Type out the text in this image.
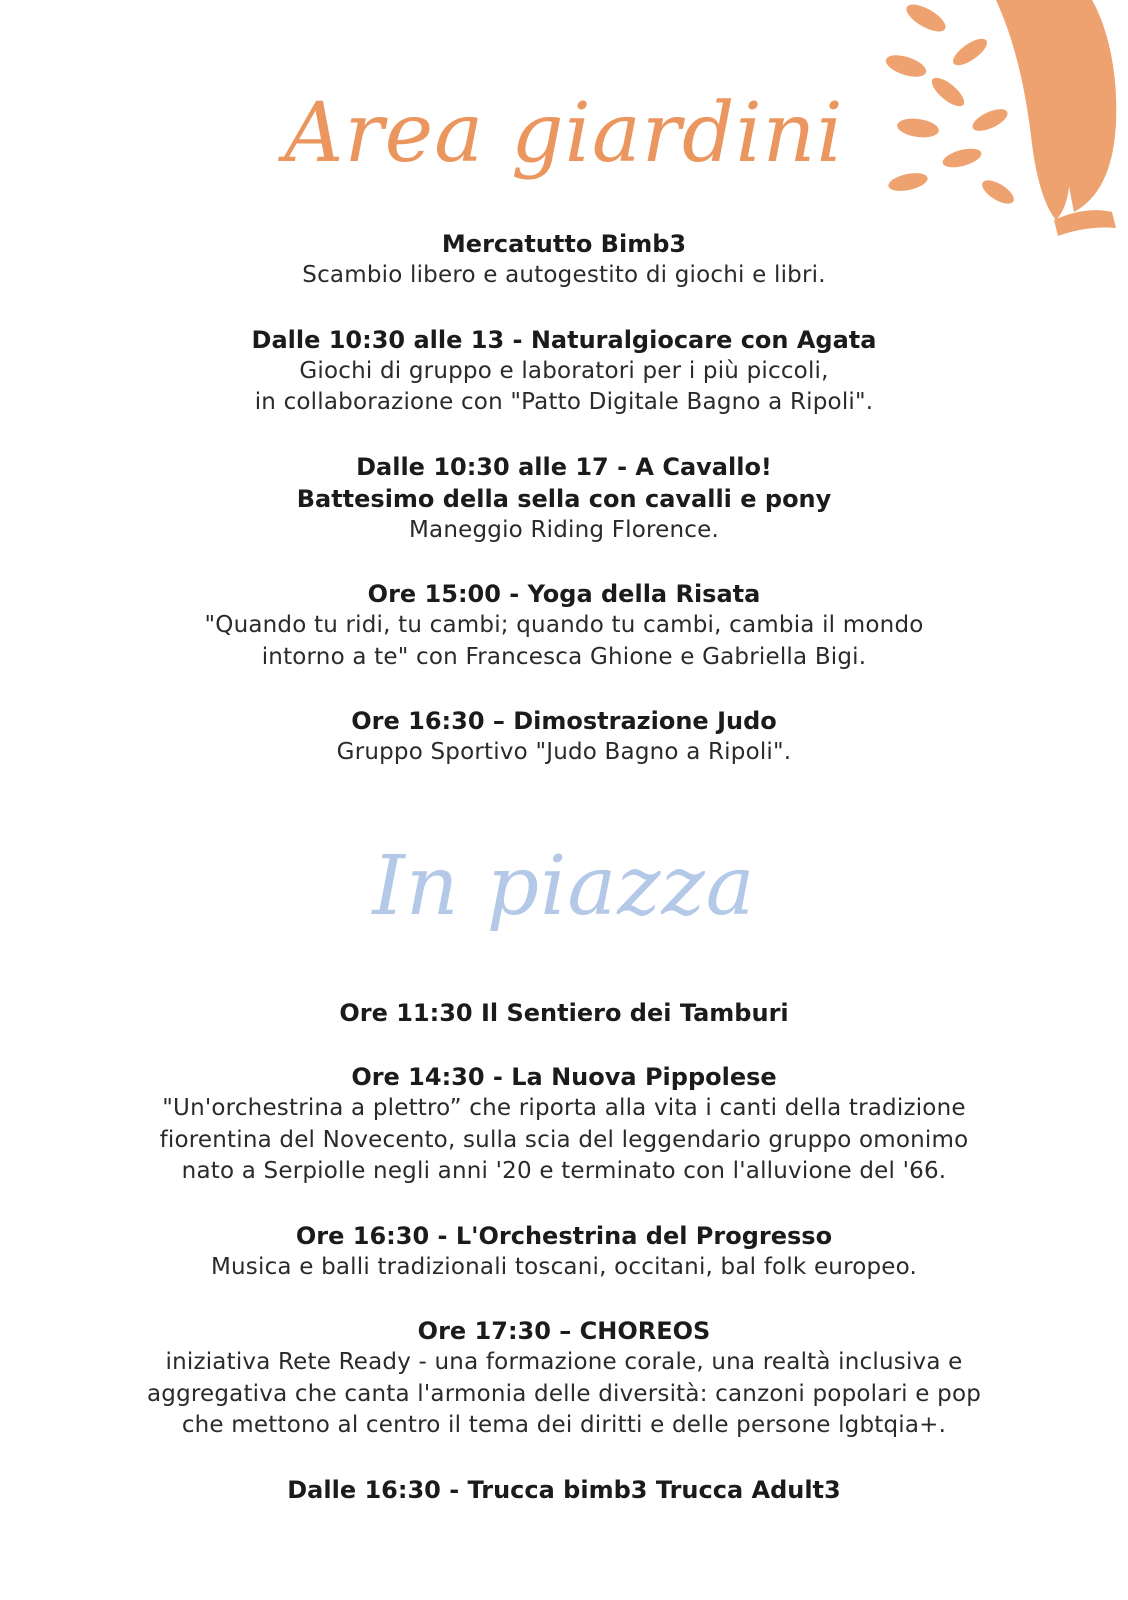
Area giardini

Mercatutto Bimb3

Scambio libero e autogestito di giochi e libri.

Dalle 10:30 alle 13 - Naturalgiocare con Agata

Giochi di gruppo e laboratori per i più piccoli,
in collaborazione con "Patto Digitale Bagno a Ripoli".

Dalle 10:30 alle 17 - A Cavallo!

Battesimo della sella con cavalli e pony

Maneggio Riding Florence.

Ore 15:00 - Yoga della Risata

"Quando tu ridi, tu cambi; quando tu cambi, cambia il mondo
intorno a te" con Francesca Ghione e Gabriella Bigi.

Ore 16:30 – Dimostrazione Judo

Gruppo Sportivo "Judo Bagno a Ripoli".

In piazza

Ore 11:30 Il Sentiero dei Tamburi

Ore 14:30 - La Nuova Pippolese

"Un'orchestrina a plettro” che riporta alla vita i canti della tradizione
fiorentina del Novecento, sulla scia del leggendario gruppo omonimo
nato a Serpiolle negli anni '20 e terminato con l'alluvione del '66.

Ore 16:30 - L'Orchestrina del Progresso

Musica e balli tradizionali toscani, occitani, bal folk europeo.

Ore 17:30 – CHOREOS

iniziativa Rete Ready - una formazione corale, una realtà inclusiva e
aggregativa che canta l'armonia delle diversità: canzoni popolari e pop
che mettono al centro il tema dei diritti e delle persone lgbtqia+.

Dalle 16:30 - Trucca bimb3 Trucca Adult3
